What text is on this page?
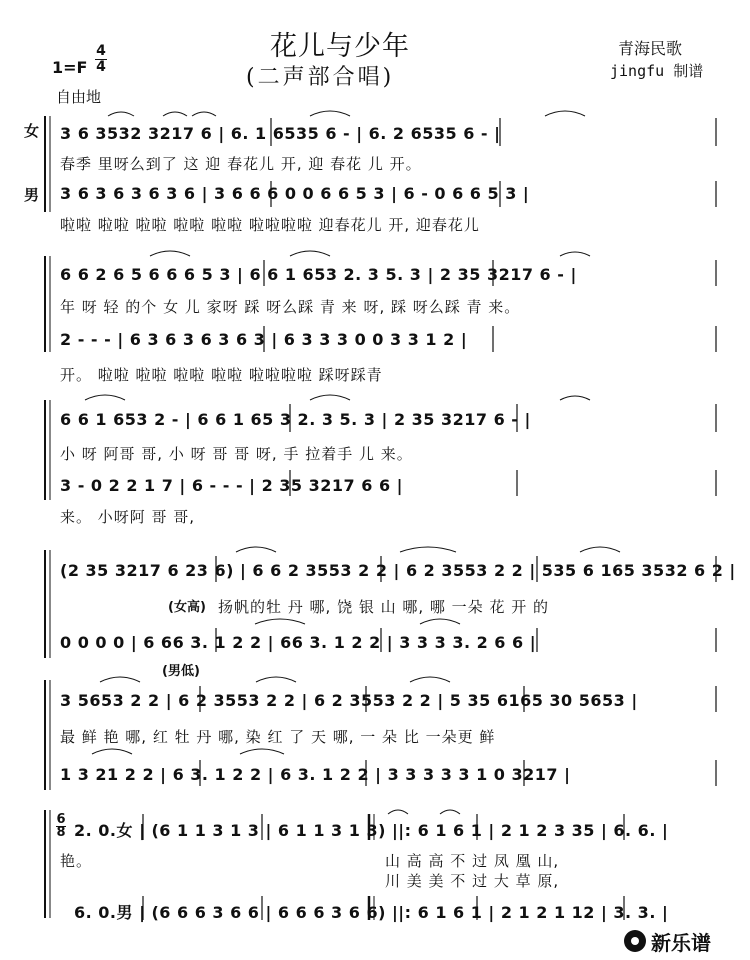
花儿与少年
(二声部合唱)
青海民歌
jingfu 制谱
1=F
4
4
自由地
女 3 6 3532 3217 6 | 6. 1 6535 6 - | 6. 2 6535 6 - |
春季 里呀么到了 这 迎 春花儿 开, 迎 春花 儿 开。
男 3 6 3 6 3 6 3 6 | 3 6 6 6 0 0 6 6 5 3 | 6 - 0 6 6 5 3 |
啦啦 啦啦 啦啦 啦啦 啦啦 啦啦啦啦 迎春花儿 开, 迎春花儿
6 6 2 6 5 6 6 6 5 3 | 6 6 1 653 2. 3 5. 3 | 2 35 3217 6 - |
年 呀 轻 的个 女 儿 家呀 踩 呀么踩 青 来 呀, 踩 呀么踩 青 来。
2 - - - | 6 3 6 3 6 3 6 3 | 6 3 3 3 0 0 3 3 1 2 |
开。 啦啦 啦啦 啦啦 啦啦 啦啦啦啦 踩呀踩青
6 6 1 653 2 - | 6 6 1 65 3 2. 3 5. 3 | 2 35 3217 6 - |
小 呀 阿哥 哥, 小 呀 哥 哥 呀, 手 拉着手 儿 来。
3 - 0 2 2 1 7 | 6 - - - | 2 35 3217 6 6 |
来。 小呀阿 哥 哥,
(2 35 3217 6 23 6) | 6 6 2 3553 2 2 | 6 2 3553 2 2 | 535 6 165 3532 6 2 |
(女高) 扬帆的牡 丹 哪, 饶 银 山 哪, 哪 一朵 花 开 的
0 0 0 0 | 6 66 3. 1 2 2 | 66 3. 1 2 2 | 3 3 3 3. 2 6 6 |
(男低)
3 5653 2 2 | 6 2 3553 2 2 | 6 2 3553 2 2 | 5 35 6165 30 5653 |
最 鲜 艳 哪, 红 牡 丹 哪, 染 红 了 天 哪, 一 朵 比 一朵更 鲜
1 3 21 2 2 | 6 3. 1 2 2 | 6 3. 1 2 2 | 3 3 3 3 3 1 0 3217 |
6
8 2. 0.女 | (6 1 1 3 1 3 | 6 1 1 3 1 3) ||: 6 1 6 1 | 2 1 2 3 35 | 6. 6. |
艳。	山 高 高 不 过 凤 凰 山,
川 美 美 不 过 大 草 原,
6. 0.男 | (6 6 6 3 6 6 | 6 6 6 3 6 6) ||: 6 1 6 1 | 2 1 2 1 12 | 3. 3. |
新乐谱
